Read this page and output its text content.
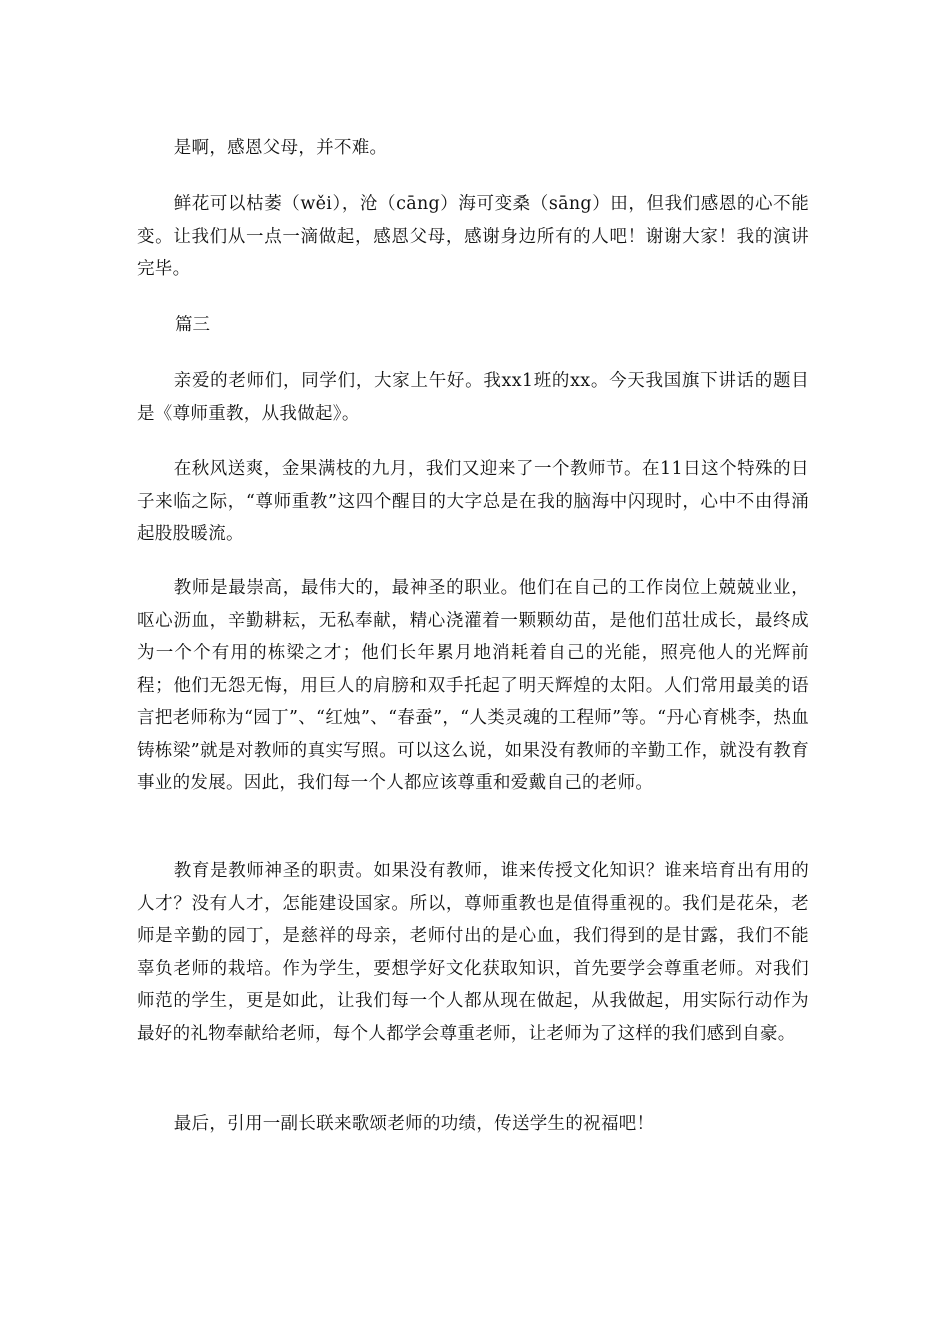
是啊，感恩父母，并不难。

鲜花可以枯萎（wěi），沧（cāng）海可变桑（sāng）田，但我们感恩的心不能变。让我们从一点一滴做起，感恩父母，感谢身边所有的人吧！谢谢大家！我的演讲完毕。

篇三

亲爱的老师们，同学们，大家上午好。我xx1班的xx。今天我国旗下讲话的题目是《尊师重教，从我做起》。

在秋风送爽，金果满枝的九月，我们又迎来了一个教师节。在11日这个特殊的日子来临之际，“尊师重教”这四个醒目的大字总是在我的脑海中闪现时，心中不由得涌起股股暖流。

教师是最崇高，最伟大的，最神圣的职业。他们在自己的工作岗位上兢兢业业，呕心沥血，辛勤耕耘，无私奉献，精心浇灌着一颗颗幼苗，是他们茁壮成长，最终成为一个个有用的栋梁之才；他们长年累月地消耗着自己的光能，照亮他人的光辉前程；他们无怨无悔，用巨人的肩膀和双手托起了明天辉煌的太阳。人们常用最美的语言把老师称为“园丁”、“红烛”、“春蚕”，“人类灵魂的工程师”等。“丹心育桃李，热血铸栋梁”就是对教师的真实写照。可以这么说，如果没有教师的辛勤工作，就没有教育事业的发展。因此，我们每一个人都应该尊重和爱戴自己的老师。

教育是教师神圣的职责。如果没有教师，谁来传授文化知识？谁来培育出有用的人才？没有人才，怎能建设国家。所以，尊师重教也是值得重视的。我们是花朵，老师是辛勤的园丁，是慈祥的母亲，老师付出的是心血，我们得到的是甘露，我们不能辜负老师的栽培。作为学生，要想学好文化获取知识，首先要学会尊重老师。对我们师范的学生，更是如此，让我们每一个人都从现在做起，从我做起，用实际行动作为最好的礼物奉献给老师，每个人都学会尊重老师，让老师为了这样的我们感到自豪。

最后，引用一副长联来歌颂老师的功绩，传送学生的祝福吧！
